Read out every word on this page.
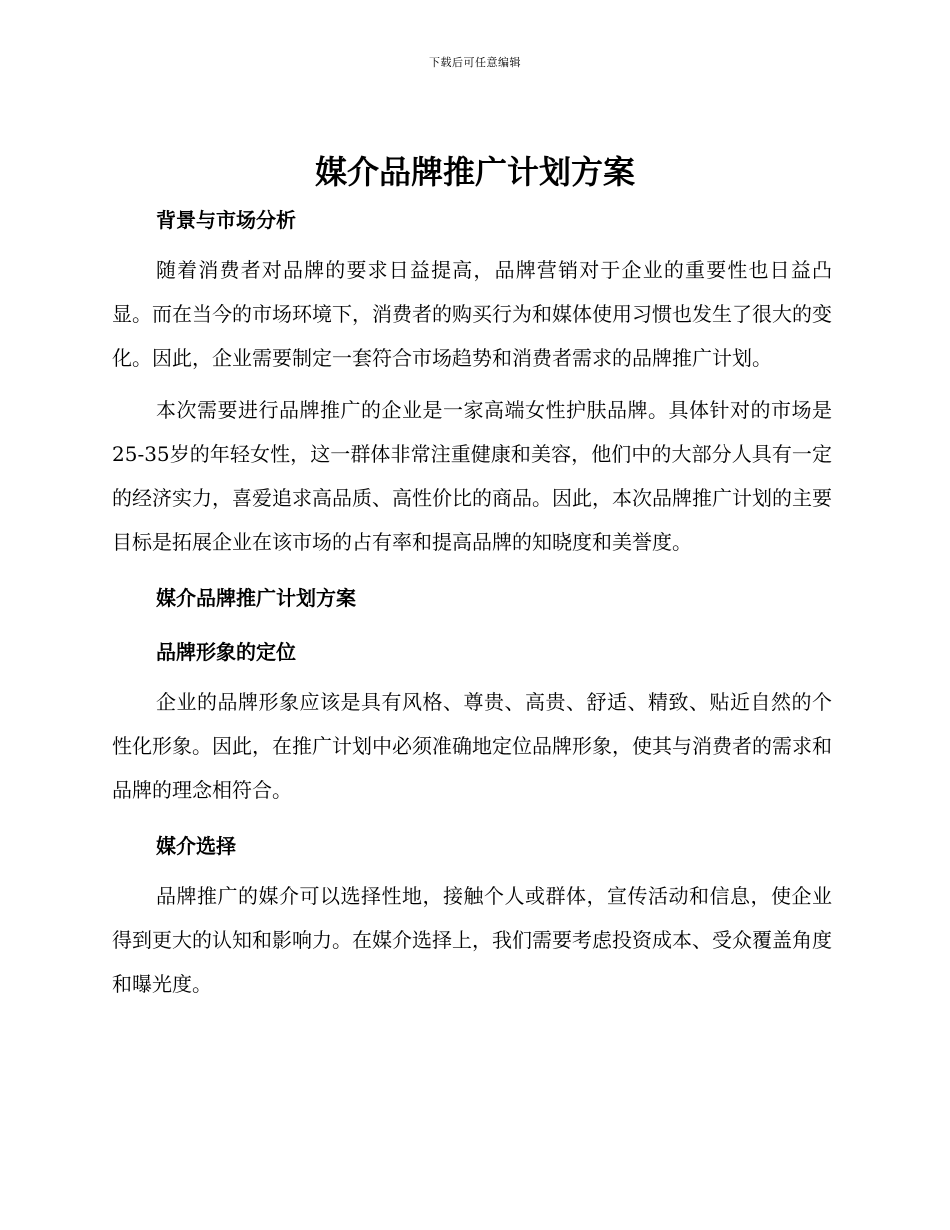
下载后可任意编辑
媒介品牌推广计划方案
背景与市场分析

随着消费者对品牌的要求日益提高，品牌营销对于企业的重要性也日益凸显。而在当今的市场环境下，消费者的购买行为和媒体使用习惯也发生了很大的变化。因此，企业需要制定一套符合市场趋势和消费者需求的品牌推广计划。

本次需要进行品牌推广的企业是一家高端女性护肤品牌。具体针对的市场是25-35岁的年轻女性，这一群体非常注重健康和美容，他们中的大部分人具有一定的经济实力，喜爱追求高品质、高性价比的商品。因此，本次品牌推广计划的主要目标是拓展企业在该市场的占有率和提高品牌的知晓度和美誉度。

媒介品牌推广计划方案
品牌形象的定位

企业的品牌形象应该是具有风格、尊贵、高贵、舒适、精致、贴近自然的个性化形象。因此，在推广计划中必须准确地定位品牌形象，使其与消费者的需求和品牌的理念相符合。

媒介选择

品牌推广的媒介可以选择性地，接触个人或群体，宣传活动和信息，使企业得到更大的认知和影响力。在媒介选择上，我们需要考虑投资成本、受众覆盖角度和曝光度。
